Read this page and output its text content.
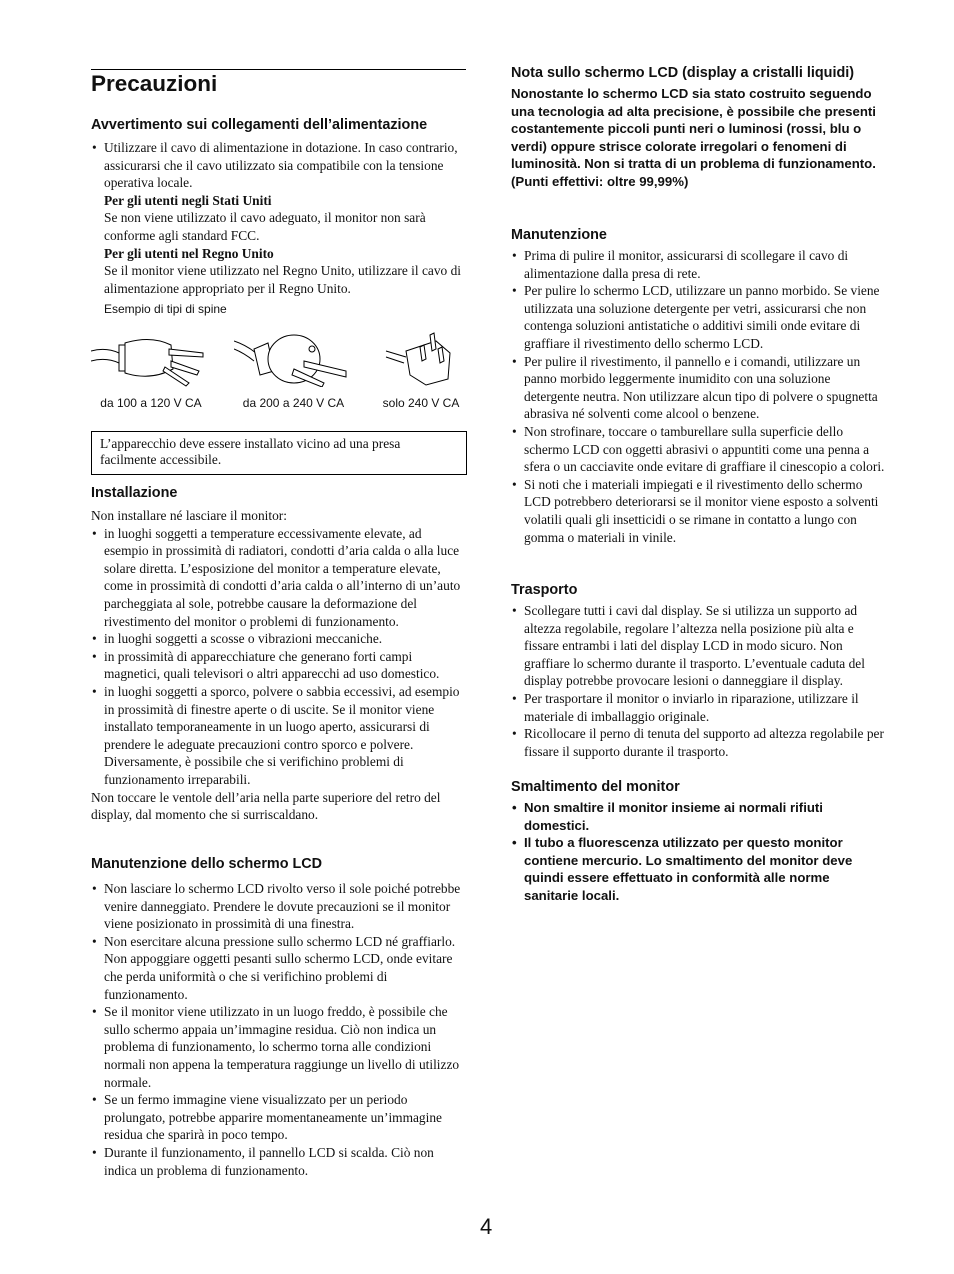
Precauzioni
Avvertimento sui collegamenti dell’alimentazione
• Utilizzare il cavo di alimentazione in dotazione. In caso contrario, assicurarsi che il cavo utilizzato sia compatibile con la tensione operativa locale.

Per gli utenti negli Stati Uniti

Se non viene utilizzato il cavo adeguato, il monitor non sarà conforme agli standard FCC.

Per gli utenti nel Regno Unito

Se il monitor viene utilizzato nel Regno Unito, utilizzare il cavo di alimentazione appropriato per il Regno Unito.

Esempio di tipi di spine

da 100 a 120 V CA	da 200 a 240 V CA	solo 240 V CA
L’apparecchio deve essere installato vicino ad una presa facilmente accessibile.
Installazione

Non installare né lasciare il monitor:

• in luoghi soggetti a temperature eccessivamente elevate, ad esempio in prossimità di radiatori, condotti d’aria calda o alla luce solare diretta. L’esposizione del monitor a temperature elevate, come in prossimità di condotti d’aria calda o all’interno di un’auto parcheggiata al sole, potrebbe causare la deformazione del rivestimento del monitor o problemi di funzionamento.
• in luoghi soggetti a scosse o vibrazioni meccaniche.
• in prossimità di apparecchiature che generano forti campi magnetici, quali televisori o altri apparecchi ad uso domestico.
• in luoghi soggetti a sporco, polvere o sabbia eccessivi, ad esempio in prossimità di finestre aperte o di uscite. Se il monitor viene installato temporaneamente in un luogo aperto, assicurarsi di prendere le adeguate precauzioni contro sporco e polvere. Diversamente, è possibile che si verifichino problemi di funzionamento irreparabili.

Non toccare le ventole dell’aria nella parte superiore del retro del display, dal momento che si surriscaldano.

Manutenzione dello schermo LCD
• Non lasciare lo schermo LCD rivolto verso il sole poiché potrebbe venire danneggiato. Prendere le dovute precauzioni se il monitor viene posizionato in prossimità di una finestra.
• Non esercitare alcuna pressione sullo schermo LCD né graffiarlo. Non appoggiare oggetti pesanti sullo schermo LCD, onde evitare che perda uniformità o che si verifichino problemi di funzionamento.
• Se il monitor viene utilizzato in un luogo freddo, è possibile che sullo schermo appaia un’immagine residua. Ciò non indica un problema di funzionamento, lo schermo torna alle condizioni normali non appena la temperatura raggiunge un livello di utilizzo normale.
• Se un fermo immagine viene visualizzato per un periodo prolungato, potrebbe apparire momentaneamente un’immagine residua che sparirà in poco tempo.
• Durante il funzionamento, il pannello LCD si scalda. Ciò non indica un problema di funzionamento.
Nota sullo schermo LCD (display a cristalli liquidi)

Nonostante lo schermo LCD sia stato costruito seguendo una tecnologia ad alta precisione, è possibile che presenti costantemente piccoli punti neri o luminosi (rossi, blu o verdi) oppure strisce colorate irregolari o fenomeni di luminosità. Non si tratta di un problema di funzionamento.

(Punti effettivi: oltre 99,99%)

Manutenzione
• Prima di pulire il monitor, assicurarsi di scollegare il cavo di alimentazione dalla presa di rete.
• Per pulire lo schermo LCD, utilizzare un panno morbido. Se viene utilizzata una soluzione detergente per vetri, assicurarsi che non contenga soluzioni antistatiche o additivi simili onde evitare di graffiare il rivestimento dello schermo LCD.
• Per pulire il rivestimento, il pannello e i comandi, utilizzare un panno morbido leggermente inumidito con una soluzione detergente neutra. Non utilizzare alcun tipo di polvere o spugnetta abrasiva né solventi come alcool o benzene.
• Non strofinare, toccare o tamburellare sulla superficie dello schermo LCD con oggetti abrasivi o appuntiti come una penna a sfera o un cacciavite onde evitare di graffiare il cinescopio a colori.
• Si noti che i materiali impiegati e il rivestimento dello schermo LCD potrebbero deteriorarsi se il monitor viene esposto a solventi volatili quali gli insetticidi o se rimane in contatto a lungo con gomma o materiali in vinile.
Trasporto
• Scollegare tutti i cavi dal display. Se si utilizza un supporto ad altezza regolabile, regolare l’altezza nella posizione più alta e fissare entrambi i lati del display LCD in modo sicuro. Non graffiare lo schermo durante il trasporto. L’eventuale caduta del display potrebbe provocare lesioni o danneggiare il display.
• Per trasportare il monitor o inviarlo in riparazione, utilizzare il materiale di imballaggio originale.
• Ricollocare il perno di tenuta del supporto ad altezza regolabile per fissare il supporto durante il trasporto.
Smaltimento del monitor
• Non smaltire il monitor insieme ai normali rifiuti domestici.
• Il tubo a fluorescenza utilizzato per questo monitor contiene mercurio. Lo smaltimento del monitor deve quindi essere effettuato in conformità alle norme sanitarie locali.
4
